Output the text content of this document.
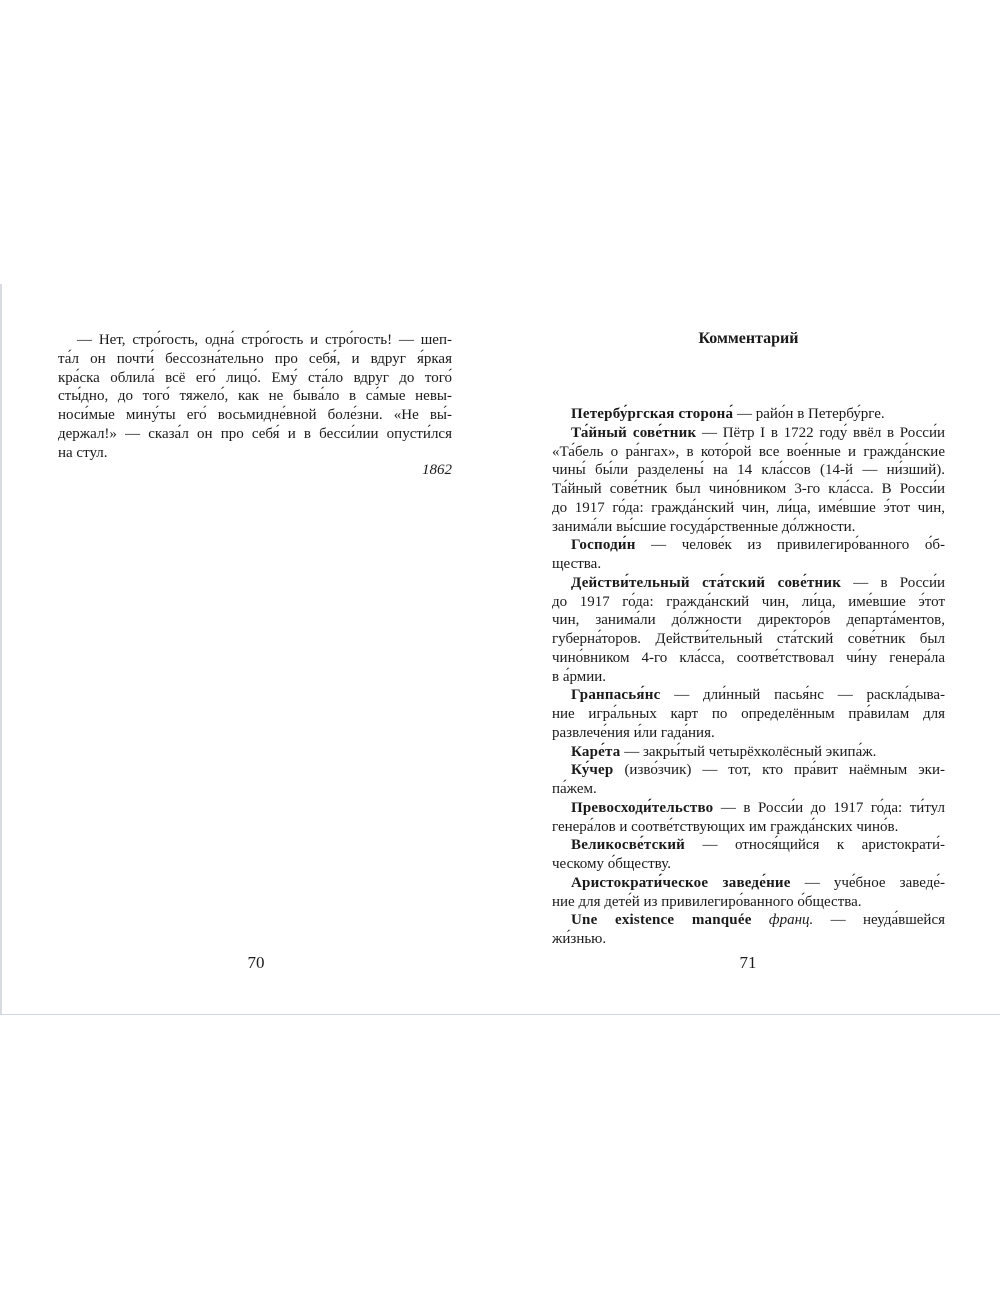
— Нет, стро́гость, одна́ стро́гость и стро́гость! — шеп-
та́л он почти́ бессозна́тельно про себя́, и вдруг я́ркая
кра́ска облила́ всё его́ лицо́. Ему́ ста́ло вдруг до того́
сты́дно, до того́ тяжело́, как не быва́ло в са́мые невы-
носи́мые мину́ты его́ восьмидне́вной боле́зни. «Не вы́-
держал!» — сказа́л он про себя́ и в бесси́лии опусти́лся
на стул.
1862
70
Комментарий
Петербу́ргская сторона́ — райо́н в Петербу́рге.
Та́йный сове́тник — Пётр I в 1722 году́ ввёл в Росси́и
«Та́бель о ра́нгах», в кото́рой все вое́нные и гражда́нские
чины́ бы́ли разделены́ на 14 кла́ссов (14-й — ни́зший).
Та́йный сове́тник был чино́вником 3-го кла́сса. В Росси́и
до 1917 го́да: гражда́нский чин, ли́ца, име́вшие э́тот чин,
занима́ли вы́сшие госуда́рственные до́лжности.
Господи́н — челове́к из привилегиро́ванного о́б-
щества.
Действи́тельный ста́тский сове́тник — в Росси́и
до 1917 го́да: гражда́нский чин, ли́ца, име́вшие э́тот
чин, занима́ли до́лжности директоро́в департа́ментов,
губерна́торов. Действи́тельный ста́тский сове́тник был
чино́вником 4-го кла́сса, соотве́тствовал чи́ну генера́ла
в а́рмии.
Гранпасья́нс — дли́нный пасья́нс — раскла́дыва-
ние игра́льных карт по определённым пра́вилам для
развлече́ния и́ли гада́ния.
Каре́та — закры́тый четырёхколёсный экипа́ж.
Ку́чер (изво́зчик) — тот, кто пра́вит наёмным эки-
па́жем.
Превосходи́тельство — в Росси́и до 1917 го́да: ти́тул
генера́лов и соотве́тствующих им гражда́нских чино́в.
Великосве́тский — относя́щийся к аристократи́-
ческому о́бществу.
Аристократи́ческое заведе́ние — уче́бное заведе́-
ние для дете́й из привилегиро́ванного о́бщества.
Une existence manquée франц. — неуда́вшейся
жи́знью.
71
